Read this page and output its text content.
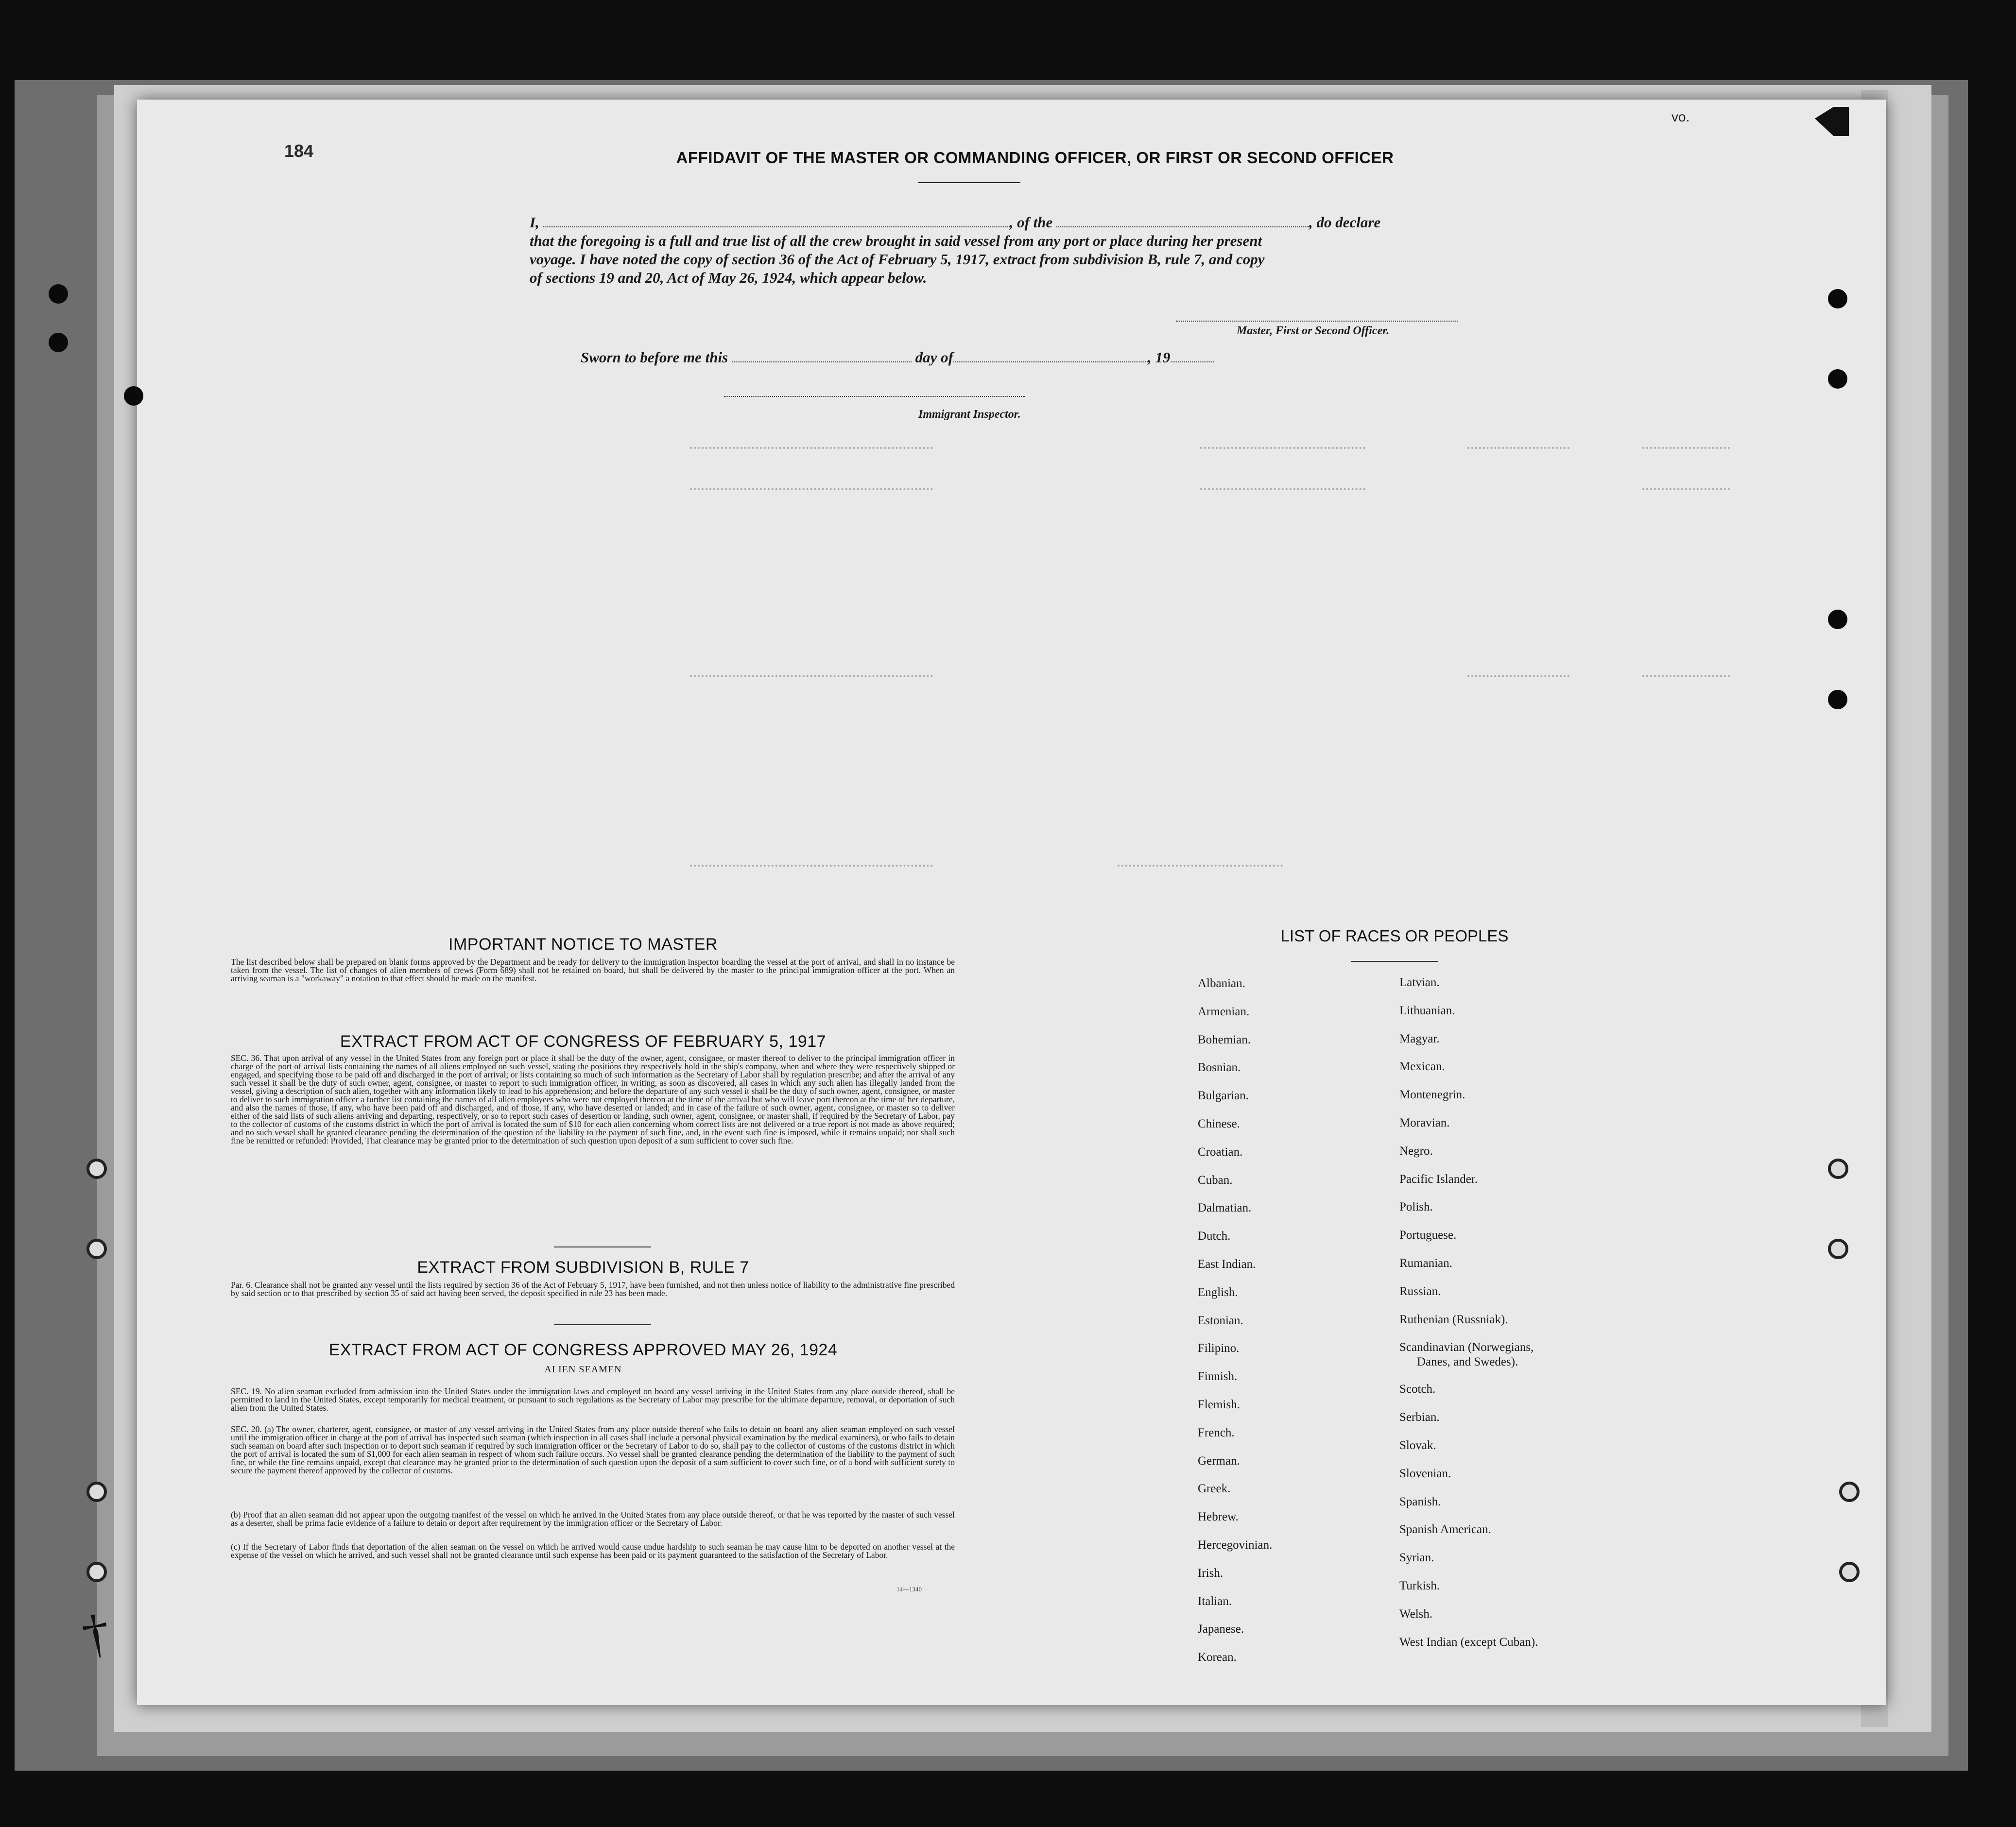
†
184
vo.
AFFIDAVIT OF THE MASTER OR COMMANDING OFFICER, OR FIRST OR SECOND OFFICER
I,	, of the	, do declare
that the foregoing is a full and true list of all the crew brought in said vessel from any port or place during her present
voyage. I have noted the copy of section 36 of the Act of February 5, 1917, extract from subdivision B, rule 7, and copy
of sections 19 and 20, Act of May 26, 1924, which appear below.
Master, First or Second Officer.
Sworn to before me this	day of	, 19
Immigrant Inspector.
IMPORTANT NOTICE TO MASTER
The list described below shall be prepared on blank forms approved by the Department and be ready for delivery to the immigration inspector boarding the vessel at the port of arrival, and shall in no instance be taken from the vessel. The list of changes of alien members of crews (Form 689) shall not be retained on board, but shall be delivered by the master to the principal immigration officer at the port. When an arriving seaman is a "workaway" a notation to that effect should be made on the manifest.
EXTRACT FROM ACT OF CONGRESS OF FEBRUARY 5, 1917
SEC. 36. That upon arrival of any vessel in the United States from any foreign port or place it shall be the duty of the owner, agent, consignee, or master thereof to deliver to the principal immigration officer in charge of the port of arrival lists containing the names of all aliens employed on such vessel, stating the positions they respectively hold in the ship's company, when and where they were respectively shipped or engaged, and specifying those to be paid off and discharged in the port of arrival; or lists containing so much of such information as the Secretary of Labor shall by regulation prescribe; and after the arrival of any such vessel it shall be the duty of such owner, agent, consignee, or master to report to such immigration officer, in writing, as soon as discovered, all cases in which any such alien has illegally landed from the vessel, giving a description of such alien, together with any information likely to lead to his apprehension; and before the departure of any such vessel it shall be the duty of such owner, agent, consignee, or master to deliver to such immigration officer a further list containing the names of all alien employees who were not employed thereon at the time of the arrival but who will leave port thereon at the time of her departure, and also the names of those, if any, who have been paid off and discharged, and of those, if any, who have deserted or landed; and in case of the failure of such owner, agent, consignee, or master so to deliver either of the said lists of such aliens arriving and departing, respectively, or so to report such cases of desertion or landing, such owner, agent, consignee, or master shall, if required by the Secretary of Labor, pay to the collector of customs of the customs district in which the port of arrival is located the sum of $10 for each alien concerning whom correct lists are not delivered or a true report is not made as above required; and no such vessel shall be granted clearance pending the determination of the question of the liability to the payment of such fine, and, in the event such fine is imposed, while it remains unpaid; nor shall such fine be remitted or refunded: Provided, That clearance may be granted prior to the determination of such question upon deposit of a sum sufficient to cover such fine.
EXTRACT FROM SUBDIVISION B, RULE 7
Par. 6. Clearance shall not be granted any vessel until the lists required by section 36 of the Act of February 5, 1917, have been furnished, and not then unless notice of liability to the administrative fine prescribed by said section or to that prescribed by section 35 of said act having been served, the deposit specified in rule 23 has been made.
EXTRACT FROM ACT OF CONGRESS APPROVED MAY 26, 1924
ALIEN SEAMEN
SEC. 19. No alien seaman excluded from admission into the United States under the immigration laws and employed on board any vessel arriving in the United States from any place outside thereof, shall be permitted to land in the United States, except temporarily for medical treatment, or pursuant to such regulations as the Secretary of Labor may prescribe for the ultimate departure, removal, or deportation of such alien from the United States.
SEC. 20. (a) The owner, charterer, agent, consignee, or master of any vessel arriving in the United States from any place outside thereof who fails to detain on board any alien seaman employed on such vessel until the immigration officer in charge at the port of arrival has inspected such seaman (which inspection in all cases shall include a personal physical examination by the medical examiners), or who fails to detain such seaman on board after such inspection or to deport such seaman if required by such immigration officer or the Secretary of Labor to do so, shall pay to the collector of customs of the customs district in which the port of arrival is located the sum of $1,000 for each alien seaman in respect of whom such failure occurs. No vessel shall be granted clearance pending the determination of the liability to the payment of such fine, or while the fine remains unpaid, except that clearance may be granted prior to the determination of such question upon the deposit of a sum sufficient to cover such fine, or of a bond with sufficient surety to secure the payment thereof approved by the collector of customs.
(b) Proof that an alien seaman did not appear upon the outgoing manifest of the vessel on which he arrived in the United States from any place outside thereof, or that he was reported by the master of such vessel as a deserter, shall be prima facie evidence of a failure to detain or deport after requirement by the immigration officer or the Secretary of Labor.
(c) If the Secretary of Labor finds that deportation of the alien seaman on the vessel on which he arrived would cause undue hardship to such seaman he may cause him to be deported on another vessel at the expense of the vessel on which he arrived, and such vessel shall not be granted clearance until such expense has been paid or its payment guaranteed to the satisfaction of the Secretary of Labor.
14—1340
LIST OF RACES OR PEOPLES
Albanian.
Armenian.
Bohemian.
Bosnian.
Bulgarian.
Chinese.
Croatian.
Cuban.
Dalmatian.
Dutch.
East Indian.
English.
Estonian.
Filipino.
Finnish.
Flemish.
French.
German.
Greek.
Hebrew.
Hercegovinian.
Irish.
Italian.
Japanese.
Korean.
Latvian.
Lithuanian.
Magyar.
Mexican.
Montenegrin.
Moravian.
Negro.
Pacific Islander.
Polish.
Portuguese.
Rumanian.
Russian.
Ruthenian (Russniak).
Scandinavian (Norwegians,
Danes, and Swedes).
Scotch.
Serbian.
Slovak.
Slovenian.
Spanish.
Spanish American.
Syrian.
Turkish.
Welsh.
West Indian (except Cuban).
